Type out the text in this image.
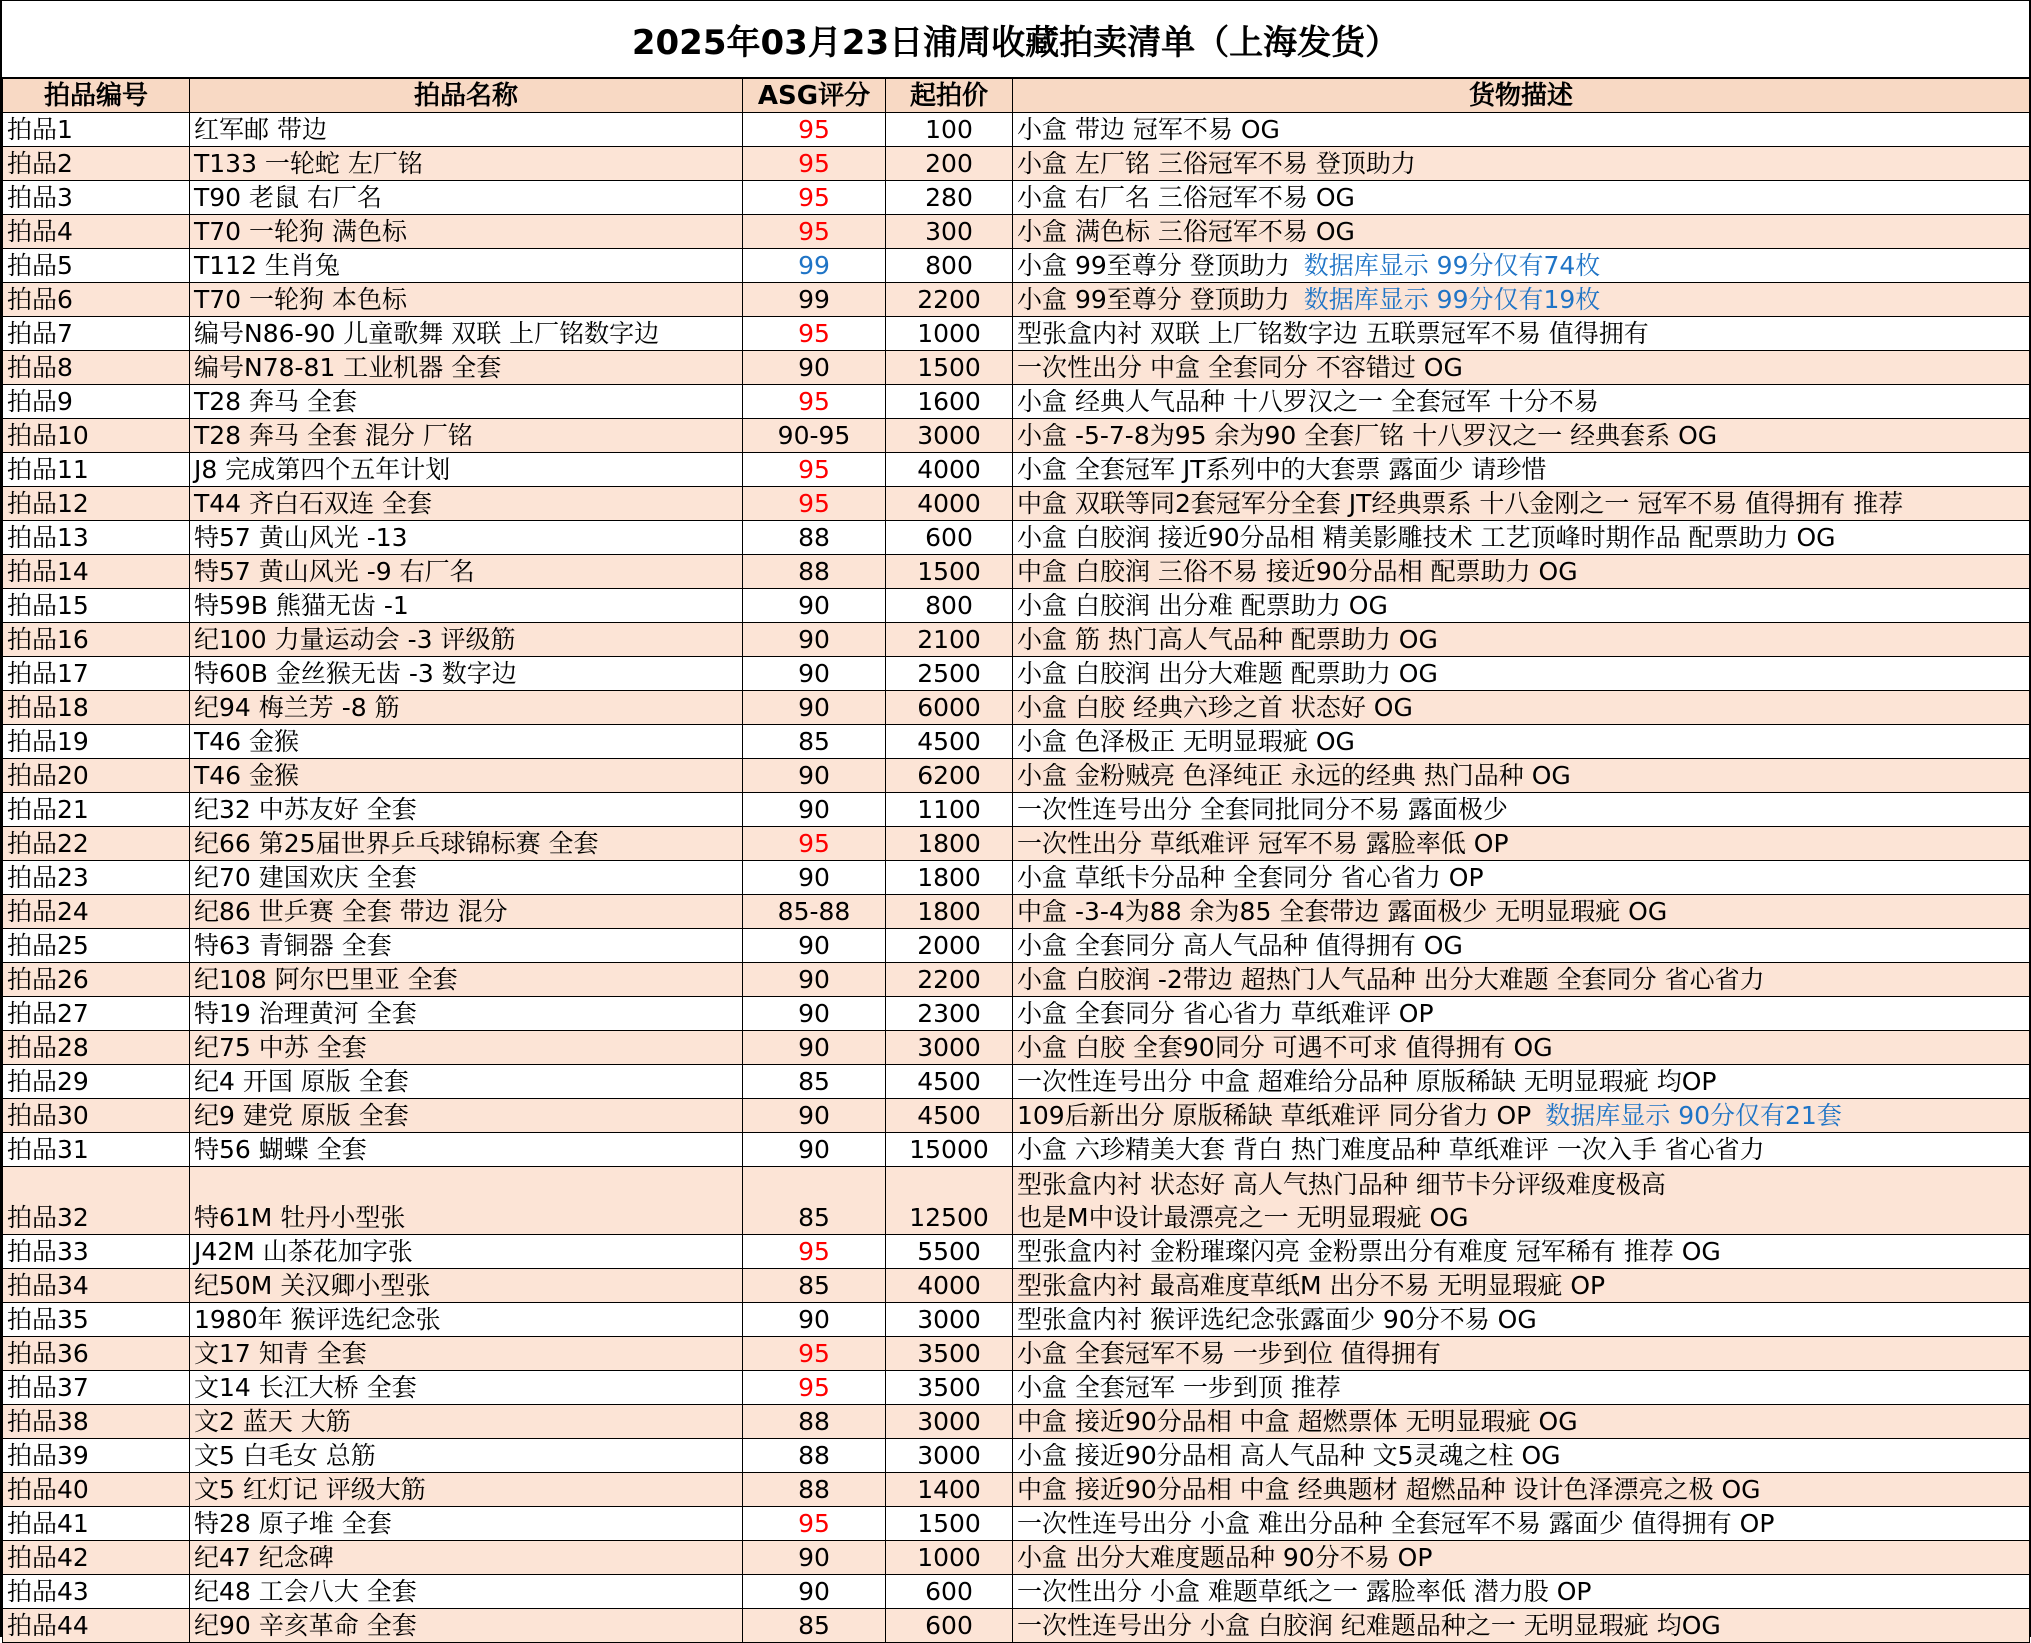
2025年03月23日浦周收藏拍卖清单（上海发货）
拍品编号	拍品名称	ASG评分	起拍价	货物描述
拍品1	红军邮 带边	95	100	小盒 带边 冠军不易 OG
拍品2	T133 一轮蛇 左厂铭	95	200	小盒 左厂铭 三俗冠军不易 登顶助力
拍品3	T90 老鼠 右厂名	95	280	小盒 右厂名 三俗冠军不易 OG
拍品4	T70 一轮狗 满色标	95	300	小盒 满色标 三俗冠军不易 OG
拍品5	T112 生肖兔	99	800	小盒 99至尊分 登顶助力 数据库显示 99分仅有74枚
拍品6	T70 一轮狗 本色标	99	2200	小盒 99至尊分 登顶助力 数据库显示 99分仅有19枚
拍品7	编号N86-90 儿童歌舞 双联 上厂铭数字边	95	1000	型张盒内衬 双联 上厂铭数字边 五联票冠军不易 值得拥有
拍品8	编号N78-81 工业机器 全套	90	1500	一次性出分 中盒 全套同分 不容错过 OG
拍品9	T28 奔马 全套	95	1600	小盒 经典人气品种 十八罗汉之一 全套冠军 十分不易
拍品10	T28 奔马 全套 混分 厂铭	90-95	3000	小盒 -5-7-8为95 余为90 全套厂铭 十八罗汉之一 经典套系 OG
拍品11	J8 完成第四个五年计划	95	4000	小盒 全套冠军 JT系列中的大套票 露面少 请珍惜
拍品12	T44 齐白石双连 全套	95	4000	中盒 双联等同2套冠军分全套 JT经典票系 十八金刚之一 冠军不易 值得拥有 推荐
拍品13	特57 黄山风光 -13	88	600	小盒 白胶润 接近90分品相 精美影雕技术 工艺顶峰时期作品 配票助力 OG
拍品14	特57 黄山风光 -9 右厂名	88	1500	中盒 白胶润 三俗不易 接近90分品相 配票助力 OG
拍品15	特59B 熊猫无齿 -1	90	800	小盒 白胶润 出分难 配票助力 OG
拍品16	纪100 力量运动会 -3 评级筋	90	2100	小盒 筋 热门高人气品种 配票助力 OG
拍品17	特60B 金丝猴无齿 -3 数字边	90	2500	小盒 白胶润 出分大难题 配票助力 OG
拍品18	纪94 梅兰芳 -8 筋	90	6000	小盒 白胶 经典六珍之首 状态好 OG
拍品19	T46 金猴	85	4500	小盒 色泽极正 无明显瑕疵 OG
拍品20	T46 金猴	90	6200	小盒 金粉贼亮 色泽纯正 永远的经典 热门品种 OG
拍品21	纪32 中苏友好 全套	90	1100	一次性连号出分 全套同批同分不易 露面极少
拍品22	纪66 第25届世界乒乓球锦标赛 全套	95	1800	一次性出分 草纸难评 冠军不易 露脸率低 OP
拍品23	纪70 建国欢庆 全套	90	1800	小盒 草纸卡分品种 全套同分 省心省力 OP
拍品24	纪86 世乒赛 全套 带边 混分	85-88	1800	中盒 -3-4为88 余为85 全套带边 露面极少 无明显瑕疵 OG
拍品25	特63 青铜器 全套	90	2000	小盒 全套同分 高人气品种 值得拥有 OG
拍品26	纪108 阿尔巴里亚 全套	90	2200	小盒 白胶润 -2带边 超热门人气品种 出分大难题 全套同分 省心省力
拍品27	特19 治理黄河 全套	90	2300	小盒 全套同分 省心省力 草纸难评 OP
拍品28	纪75 中苏 全套	90	3000	小盒 白胶 全套90同分 可遇不可求 值得拥有 OG
拍品29	纪4 开国 原版 全套	85	4500	一次性连号出分 中盒 超难给分品种 原版稀缺 无明显瑕疵 均OP
拍品30	纪9 建党 原版 全套	90	4500	109后新出分 原版稀缺 草纸难评 同分省力 OP 数据库显示 90分仅有21套
拍品31	特56 蝴蝶 全套	90	15000	小盒 六珍精美大套 背白 热门难度品种 草纸难评 一次入手 省心省力
拍品32	特61M 牡丹小型张	85	12500	型张盒内衬 状态好 高人气热门品种 细节卡分评级难度极高
也是M中设计最漂亮之一 无明显瑕疵 OG
拍品33	J42M 山茶花加字张	95	5500	型张盒内衬 金粉璀璨闪亮 金粉票出分有难度 冠军稀有 推荐 OG
拍品34	纪50M 关汉卿小型张	85	4000	型张盒内衬 最高难度草纸M 出分不易 无明显瑕疵 OP
拍品35	1980年 猴评选纪念张	90	3000	型张盒内衬 猴评选纪念张露面少 90分不易 OG
拍品36	文17 知青 全套	95	3500	小盒 全套冠军不易 一步到位 值得拥有
拍品37	文14 长江大桥 全套	95	3500	小盒 全套冠军 一步到顶 推荐
拍品38	文2 蓝天 大筋	88	3000	中盒 接近90分品相 中盒 超燃票体 无明显瑕疵 OG
拍品39	文5 白毛女 总筋	88	3000	小盒 接近90分品相 高人气品种 文5灵魂之柱 OG
拍品40	文5 红灯记 评级大筋	88	1400	中盒 接近90分品相 中盒 经典题材 超燃品种 设计色泽漂亮之极 OG
拍品41	特28 原子堆 全套	95	1500	一次性连号出分 小盒 难出分品种 全套冠军不易 露面少 值得拥有 OP
拍品42	纪47 纪念碑	90	1000	小盒 出分大难度题品种 90分不易 OP
拍品43	纪48 工会八大 全套	90	600	一次性出分 小盒 难题草纸之一 露脸率低 潜力股 OP
拍品44	纪90 辛亥革命 全套	85	600	一次性连号出分 小盒 白胶润 纪难题品种之一 无明显瑕疵 均OG
